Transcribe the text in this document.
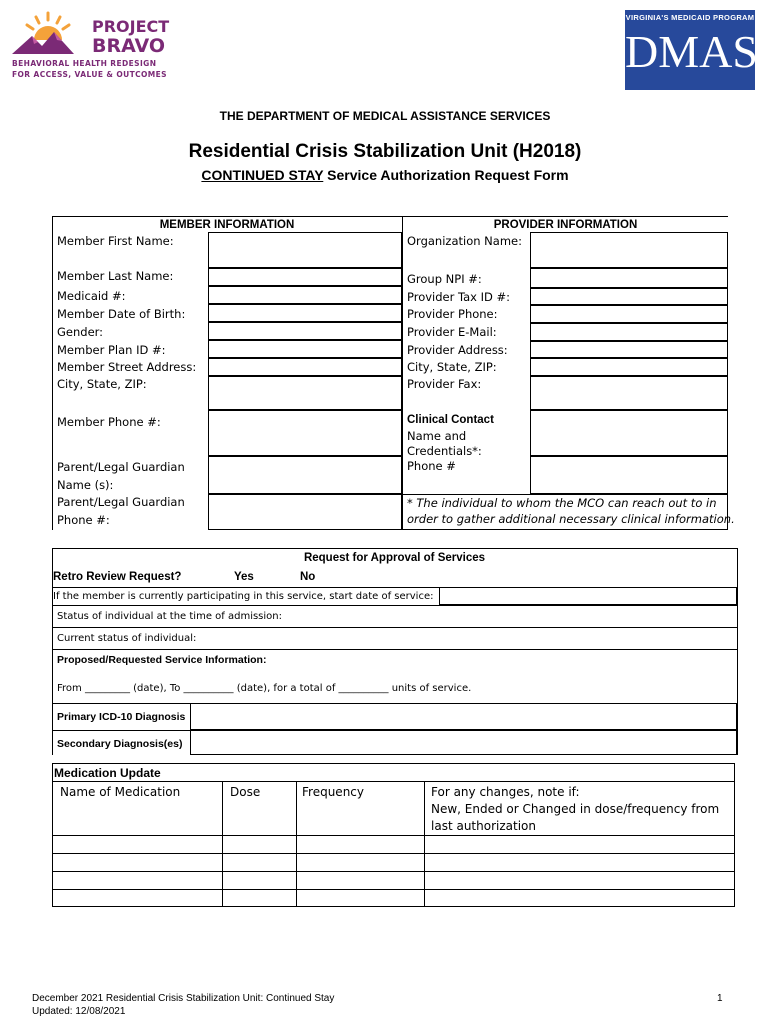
PROJECT
BRAVO
BEHAVIORAL HEALTH REDESIGN
FOR ACCESS, VALUE & OUTCOMES
VIRGINIA'S MEDICAID PROGRAM
DMAS
THE DEPARTMENT OF MEDICAL ASSISTANCE SERVICES
Residential Crisis Stabilization Unit (H2018)
CONTINUED STAY Service Authorization Request Form
MEMBER INFORMATION	PROVIDER INFORMATION
Member First Name:
Member Last Name:
Medicaid #:
Member Date of Birth:
Gender:
Member Plan ID #:
Member Street Address:
City, State, ZIP:
Member Phone #:
Parent/Legal Guardian
Name (s):
Parent/Legal Guardian
Phone #:
Organization Name:
Group NPI #:
Provider Tax ID #:
Provider Phone:
Provider E-Mail:
Provider Address:
City, State, ZIP:
Provider Fax:
Clinical Contact
Name and
Credentials*:
Phone #
* The individual to whom the MCO can reach out to in
order to gather additional necessary clinical information.
Request for Approval of Services
Retro Review Request?	Yes	No
If the member is currently participating in this service, start date of service:
Status of individual at the time of admission:
Current status of individual:
Proposed/Requested Service Information:
From _________ (date), To __________ (date), for a total of __________ units of service.
Primary ICD-10 Diagnosis
Secondary Diagnosis(es)
Medication Update
Name of Medication	Dose	Frequency	For any changes, note if:
New, Ended or Changed in dose/frequency from
last authorization
December 2021 Residential Crisis Stabilization Unit: Continued Stay
Updated: 12/08/2021
1
